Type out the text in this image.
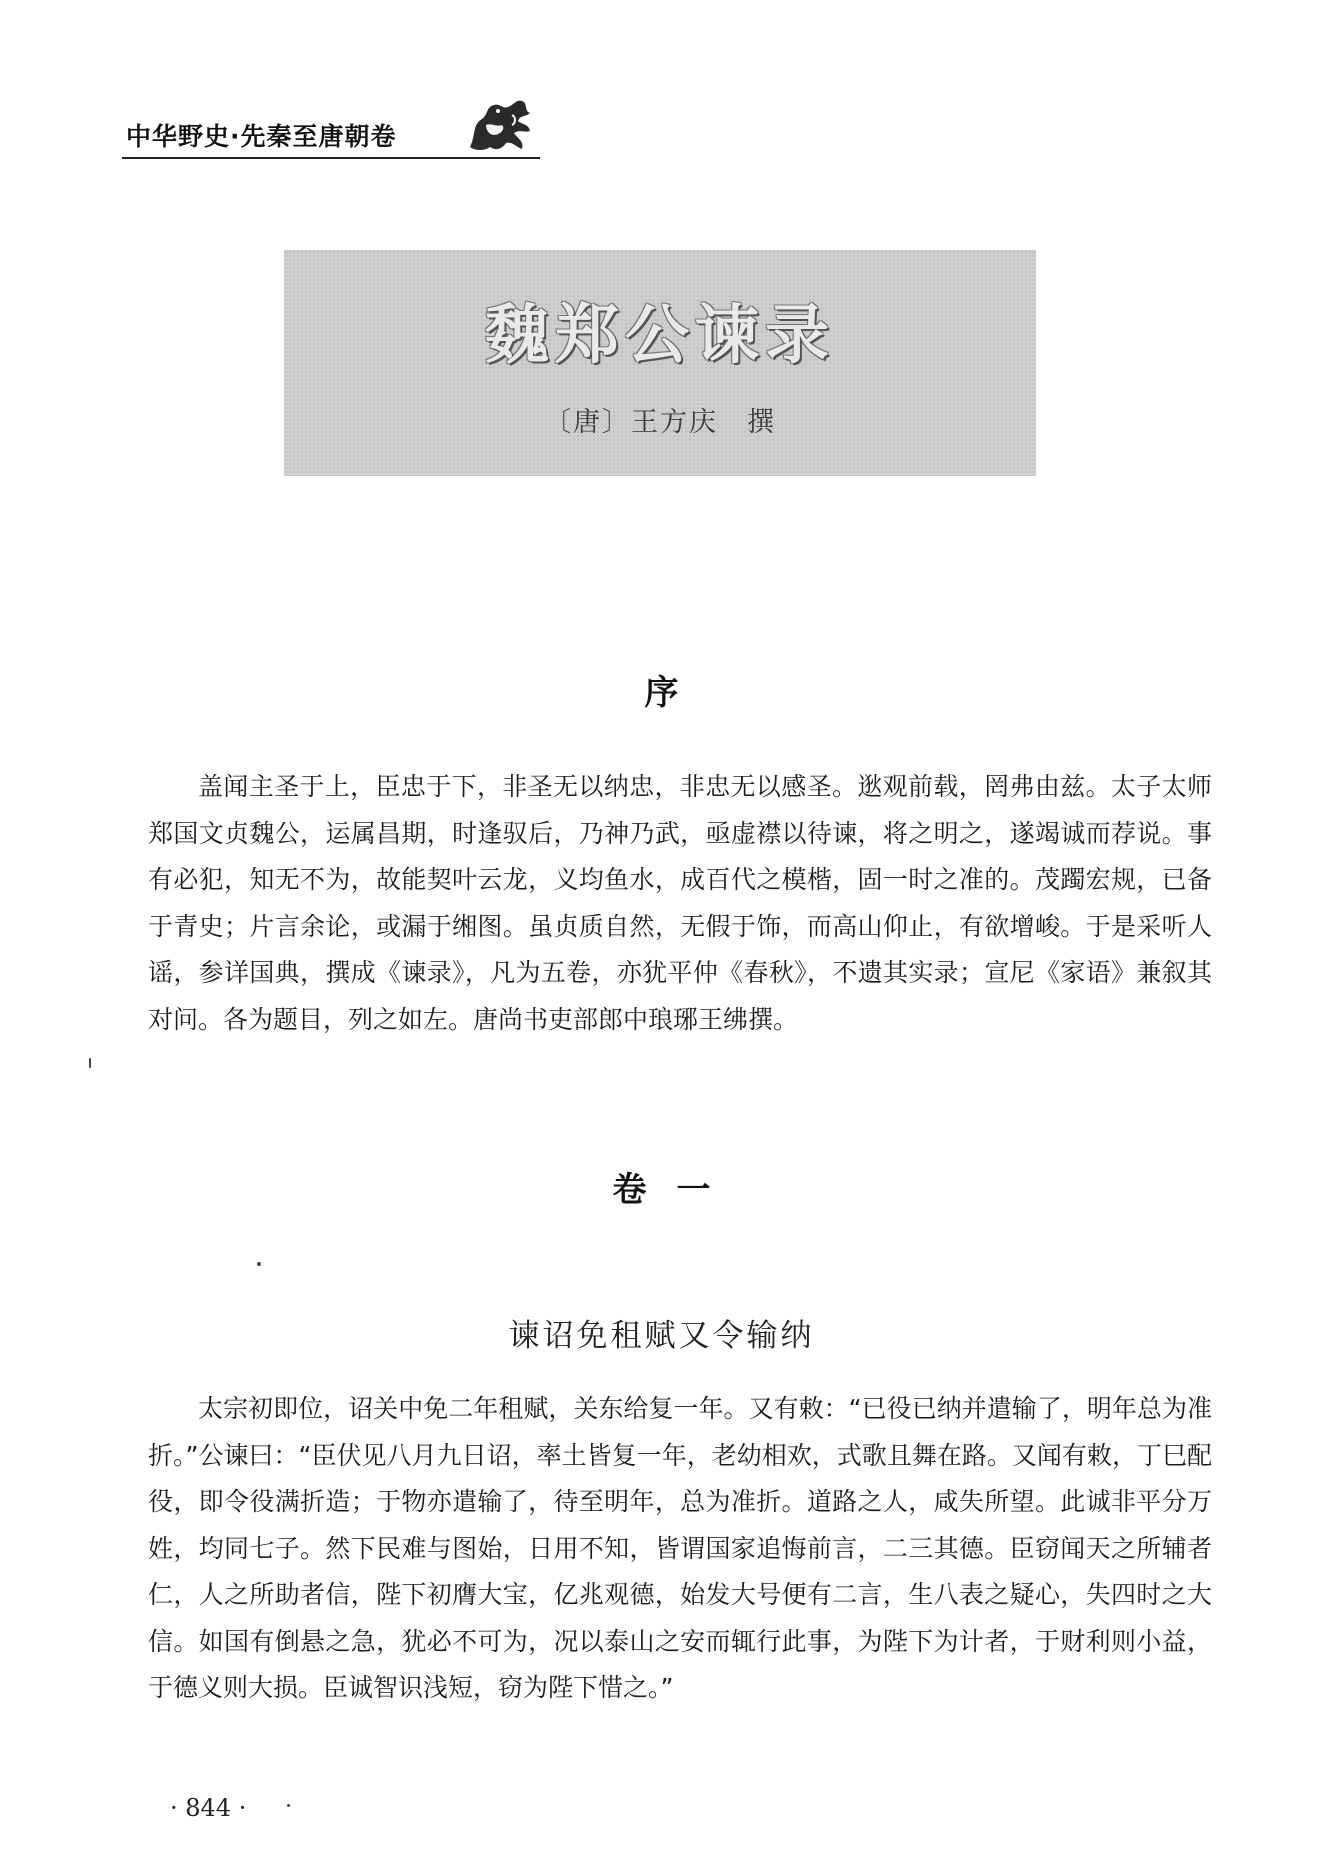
中华野史·先秦至唐朝卷
魏郑公谏录
〔唐〕王方庆　撰
序

盖闻主圣于上，臣忠于下，非圣无以纳忠，非忠无以感圣。逖观前载，罔弗由兹。太子太师郑国文贞魏公，运属昌期，时逢驭后，乃神乃武，亟虚襟以待谏，将之明之，遂竭诚而荐说。事有必犯，知无不为，故能契叶云龙，义均鱼水，成百代之模楷，固一时之准的。茂躅宏规，已备于青史；片言余论，或漏于缃图。虽贞质自然，无假于饰，而高山仰止，有欲增峻。于是采听人谣，参详国典，撰成《谏录》，凡为五卷，亦犹平仲《春秋》，不遗其实录；宣尼《家语》兼叙其对问。各为题目，列之如左。唐尚书吏部郎中琅琊王绋撰。

卷一
谏诏免租赋又令输纳

太宗初即位，诏关中免二年租赋，关东给复一年。又有敕：“已役已纳并遣输了，明年总为准折。”公谏曰：“臣伏见八月九日诏，率土皆复一年，老幼相欢，式歌且舞在路。又闻有敕，丁巳配役，即令役满折造；于物亦遣输了，待至明年，总为准折。道路之人，咸失所望。此诚非平分万姓，均同七子。然下民难与图始，日用不知，皆谓国家追悔前言，二三其德。臣窃闻天之所辅者仁，人之所助者信，陛下初膺大宝，亿兆观德，始发大号便有二言，生八表之疑心，失四时之大信。如国有倒悬之急，犹必不可为，况以泰山之安而辄行此事，为陛下为计者，于财利则小益，于德义则大损。臣诚智识浅短，窃为陛下惜之。”

· 844 ·
